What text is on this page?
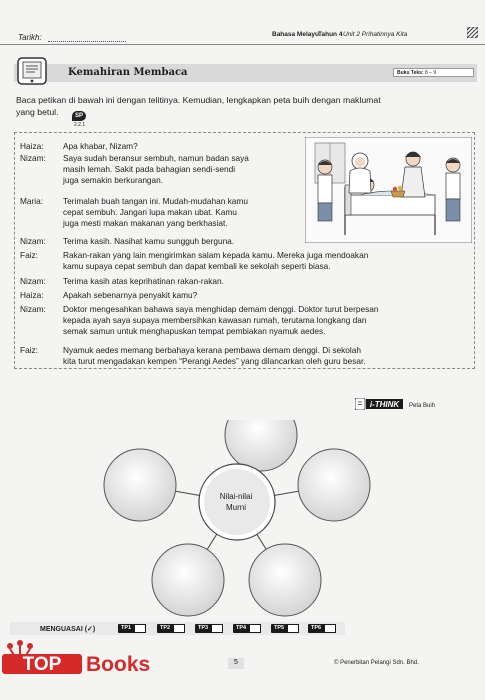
Tarikh:	Bahasa Melayu Tahun 4 Unit 2 Prihatinnya Kita
Kemahiran Membaca	Buku Teks: 8 – 9
Baca petikan di bawah ini dengan telitinya. Kemudian, lengkapkan peta buih dengan maklumat
yang betul.	SP
2.2.1
Haiza:	Apa khabar, Nizam?
Nizam:	Saya sudah beransur sembuh, namun badan saya
masih lemah. Sakit pada bahagian sendi-sendi
juga semakin berkurangan.
Maria:	Terimalah buah tangan ini. Mudah-mudahan kamu
cepat sembuh. Jangan lupa makan ubat. Kamu
juga mesti makan makanan yang berkhasiat.
Nizam:	Terima kasih. Nasihat kamu sungguh berguna.
Faiz:	Rakan-rakan yang lain mengirimkan salam kepada kamu. Mereka juga mendoakan
kamu supaya cepat sembuh dan dapat kembali ke sekolah seperti biasa.
Nizam:	Terima kasih atas keprihatinan rakan-rakan.
Haiza:	Apakah sebenarnya penyakit kamu?
Nizam:	Doktor mengesahkan bahawa saya menghidap demam denggi. Doktor turut berpesan
kepada ayah saya supaya membersihkan kawasan rumah, terutama longkang dan
semak samun untuk menghapuskan tempat pembiakan nyamuk aedes.
Faiz:	Nyamuk aedes memang berbahaya kerana pembawa demam denggi. Di sekolah
kita turut mengadakan kempen “Perangi Aedes” yang dilancarkan oleh guru besar.
i-THINK Peta Buih
Nilai-nilai
Murni
MENGUASAI (✓)	TP1	TP2	TP3	TP4	TP5	TP6
TOP Books	5	© Penerbitan Pelangi Sdn. Bhd.
